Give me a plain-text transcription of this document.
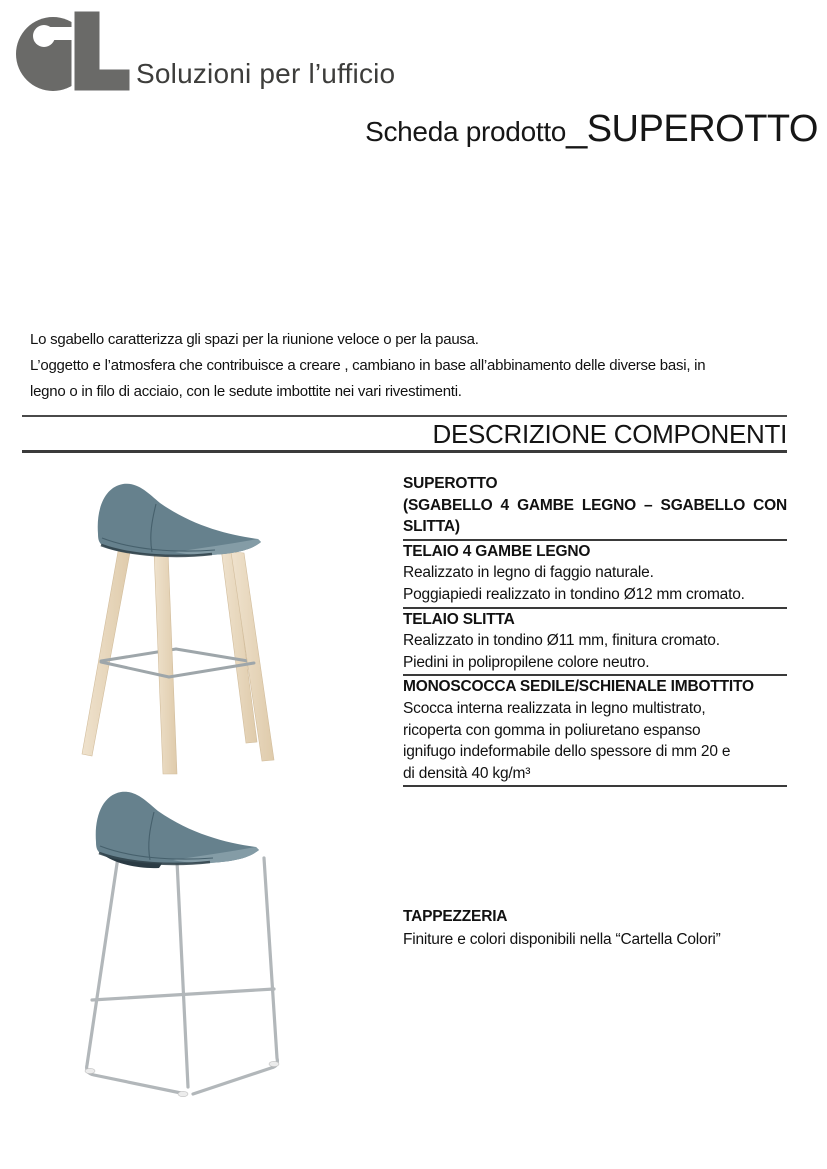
Soluzioni per l’ufficio
Scheda prodotto_SUPEROTTO
Lo sgabello caratterizza gli spazi per la riunione veloce o per la pausa.
L’oggetto e l’atmosfera che contribuisce a creare , cambiano in base all’abbinamento delle diverse basi, in
legno o in filo di acciaio, con le sedute imbottite nei vari rivestimenti.
DESCRIZIONE COMPONENTI
SUPEROTTO
(SGABELLO 4 GAMBE LEGNO – SGABELLO CON
SLITTA)
TELAIO 4 GAMBE LEGNO
Realizzato in legno di faggio naturale.
Poggiapiedi realizzato in tondino Ø12 mm cromato.
TELAIO SLITTA
Realizzato in tondino Ø11 mm, finitura cromato.
Piedini in polipropilene colore neutro.
MONOSCOCCA SEDILE/SCHIENALE IMBOTTITO
Scocca interna realizzata in legno multistrato,
ricoperta con gomma in poliuretano espanso
ignifugo indeformabile dello spessore di mm 20 e
di densità 40 kg/m³
TAPPEZZERIA
Finiture e colori disponibili nella “Cartella Colori”
